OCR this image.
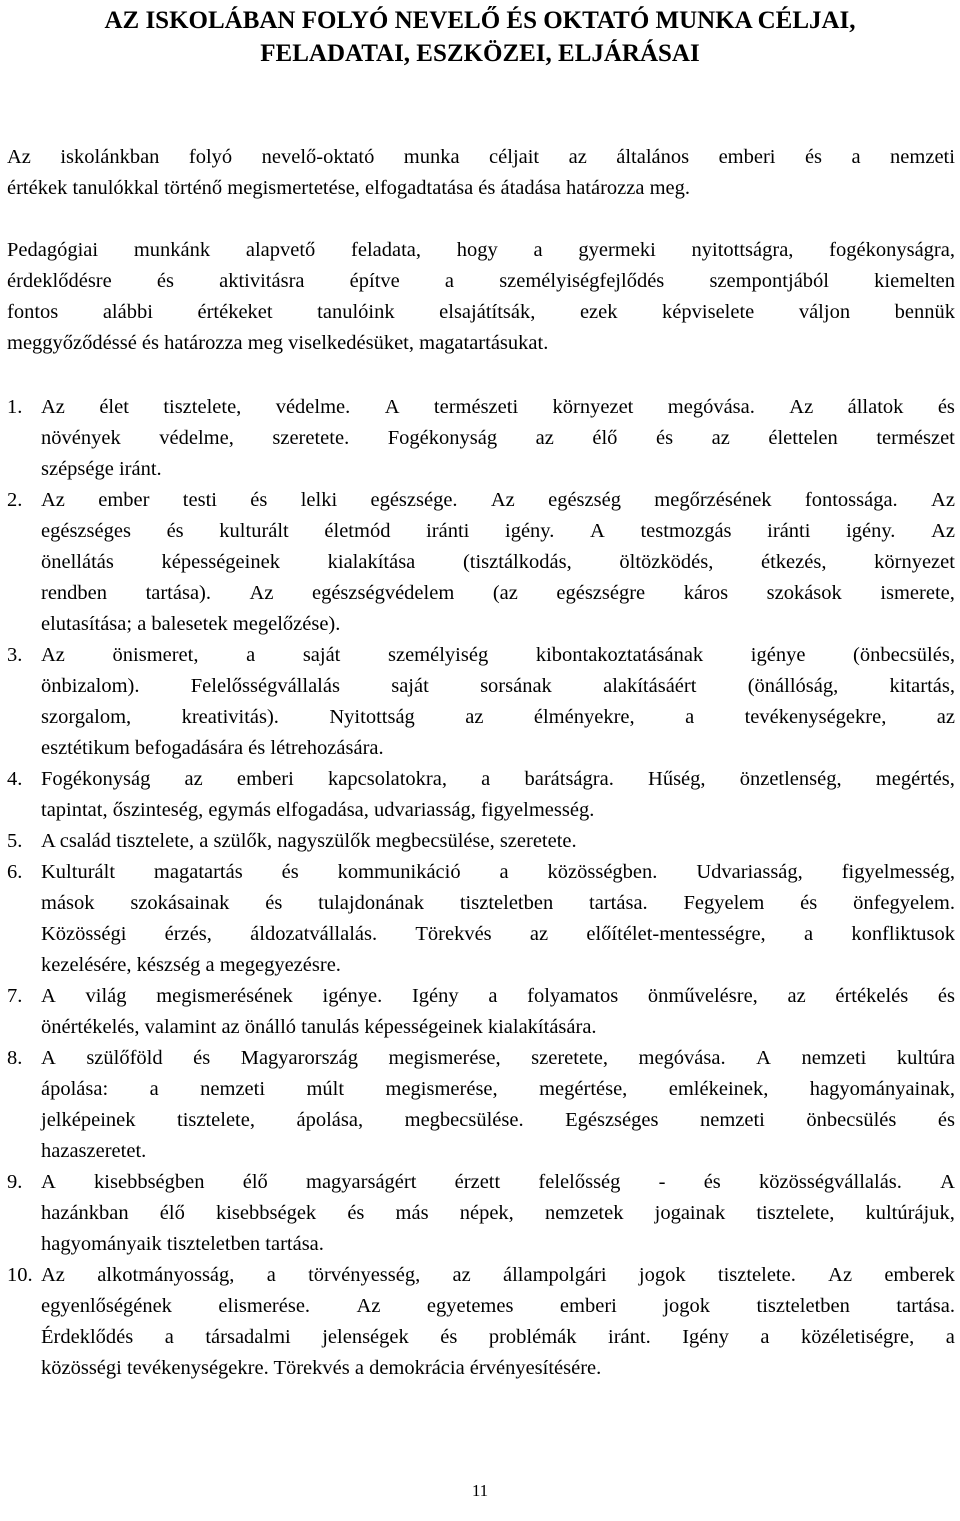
AZ ISKOLÁBAN FOLYÓ NEVELŐ ÉS OKTATÓ MUNKA CÉLJAI,
FELADATAI, ESZKÖZEI, ELJÁRÁSAI
Az iskolánkban folyó nevelő-oktató munka céljait az általános emberi és a nemzeti
értékek tanulókkal történő megismertetése, elfogadtatása és átadása határozza meg.
Pedagógiai munkánk alapvető feladata, hogy a gyermeki nyitottságra, fogékonyságra,
érdeklődésre és aktivitásra építve a személyiségfejlődés szempontjából kiemelten
fontos alábbi értékeket tanulóink elsajátítsák, ezek képviselete váljon bennük
meggyőződéssé és határozza meg viselkedésüket, magatartásukat.
1. Az élet tisztelete, védelme. A természeti környezet megóvása. Az állatok és
növények védelme, szeretete. Fogékonyság az élő és az élettelen természet
szépsége iránt.
2. Az ember testi és lelki egészsége. Az egészség megőrzésének fontossága. Az
egészséges és kulturált életmód iránti igény. A testmozgás iránti igény. Az
önellátás képességeinek kialakítása (tisztálkodás, öltözködés, étkezés, környezet
rendben tartása). Az egészségvédelem (az egészségre káros szokások ismerete,
elutasítása; a balesetek megelőzése).
3. Az önismeret, a saját személyiség kibontakoztatásának igénye (önbecsülés,
önbizalom).	Felelősségvállalás	saját	sorsának	alakításáért	(önállóság,	kitartás,
szorgalom, kreativitás). Nyitottság az élményekre, a tevékenységekre, az
esztétikum befogadására és létrehozására.
4. Fogékonyság az emberi kapcsolatokra, a barátságra. Hűség, önzetlenség, megértés,
tapintat, őszinteség, egymás elfogadása, udvariasság, figyelmesség.
5. A család tisztelete, a szülők, nagyszülők megbecsülése, szeretete.
6. Kulturált magatartás és kommunikáció a közösségben. Udvariasság, figyelmesség,
mások szokásainak és tulajdonának tiszteletben tartása. Fegyelem és önfegyelem.
Közösségi érzés, áldozatvállalás. Törekvés az előítélet-mentességre, a konfliktusok
kezelésére, készség a megegyezésre.
7. A világ megismerésének igénye. Igény a folyamatos önművelésre, az értékelés és
önértékelés, valamint az önálló tanulás képességeinek kialakítására.
8. A szülőföld és Magyarország megismerése, szeretete, megóvása. A nemzeti kultúra
ápolása: a nemzeti múlt megismerése, megértése, emlékeinek, hagyományainak,
jelképeinek tisztelete, ápolása, megbecsülése. Egészséges nemzeti önbecsülés és
hazaszeretet.
9. A kisebbségben élő magyarságért érzett felelősség - és közösségvállalás. A
hazánkban élő kisebbségek és más népek, nemzetek jogainak tisztelete, kultúrájuk,
hagyományaik tiszteletben tartása.
10. Az alkotmányosság, a törvényesség, az állampolgári jogok tisztelete. Az emberek
egyenlőségének elismerése. Az egyetemes emberi jogok tiszteletben tartása.
Érdeklődés a társadalmi jelenségek és problémák iránt. Igény a közéletiségre, a
közösségi tevékenységekre. Törekvés a demokrácia érvényesítésére.
11
